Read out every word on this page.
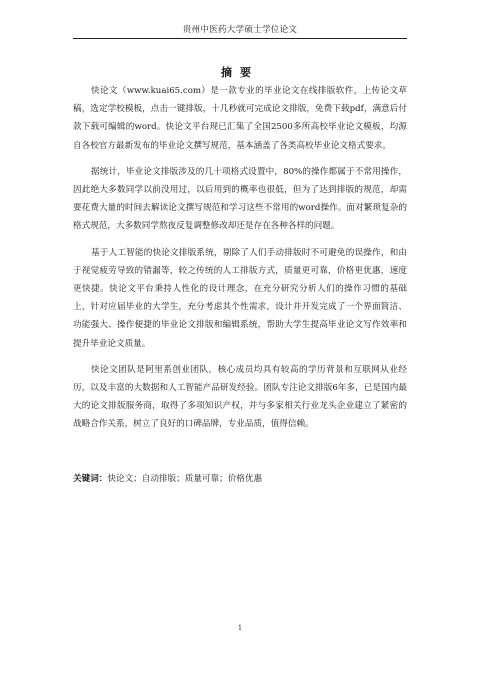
贵州中医药大学硕士学位论文
摘要

快论文（www.kuai65.com）是一款专业的毕业论文在线排版软件，上传论文草稿，选定学校模板，点击一键排版，十几秒就可完成论文排版，免费下载pdf，满意后付款下载可编辑的word。快论文平台现已汇集了全国2500多所高校毕业论文模板，均源自各校官方最新发布的毕业论文撰写规范，基本涵盖了各类高校毕业论文格式要求。

据统计，毕业论文排版涉及的几十项格式设置中，80%的操作都属于不常用操作，因此绝大多数同学以前没用过，以后用到的概率也很低，但为了达到排版的规范，却需要花费大量的时间去解读论文撰写规范和学习这些不常用的word操作。面对繁琐复杂的格式规范，大多数同学熬夜反复调整修改却还是存在各种各样的问题。

基于人工智能的快论文排版系统，剔除了人们手动排版时不可避免的误操作，和由于视觉疲劳导致的错漏等，较之传统的人工排版方式，质量更可靠，价格更优惠，速度更快捷。快论文平台秉持人性化的设计理念，在充分研究分析人们的操作习惯的基础上，针对应届毕业的大学生，充分考虑其个性需求，设计并开发完成了一个界面简洁、功能强大、操作便捷的毕业论文排版和编辑系统，帮助大学生提高毕业论文写作效率和提升毕业论文质量。

快论文团队是阿里系创业团队，核心成员均具有较高的学历背景和互联网从业经历，以及丰富的大数据和人工智能产品研发经验。团队专注论文排版6年多，已是国内最大的论文排版服务商，取得了多项知识产权，并与多家相关行业龙头企业建立了紧密的战略合作关系，树立了良好的口碑品牌，专业品质，值得信赖。

关键词：快论文；自动排版；质量可靠；价格优惠
1
